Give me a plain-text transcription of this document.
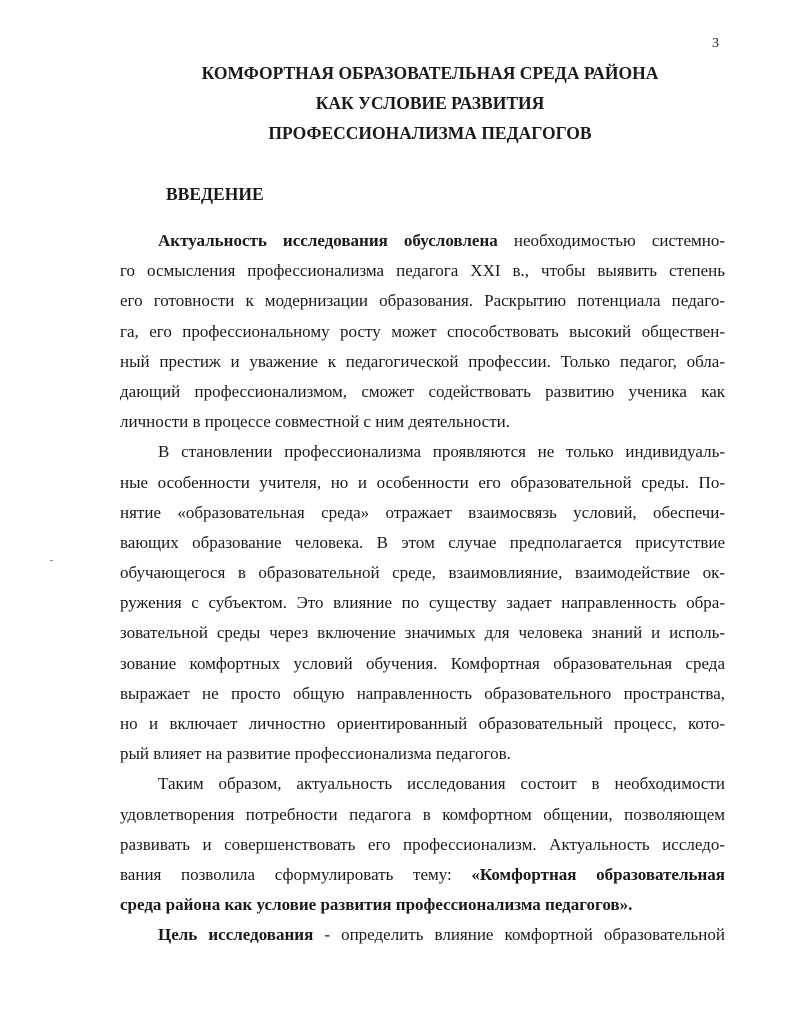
3
КОМФОРТНАЯ ОБРАЗОВАТЕЛЬНАЯ СРЕДА РАЙОНА
КАК УСЛОВИЕ РАЗВИТИЯ
ПРОФЕССИОНАЛИЗМА ПЕДАГОГОВ
ВВЕДЕНИЕ
Актуальность исследования обусловлена необходимостью системно-
го осмысления профессионализма педагога XXI в., чтобы выявить степень
его готовности к модернизации образования. Раскрытию потенциала педаго-
га, его профессиональному росту может способствовать высокий обществен-
ный престиж и уважение к педагогической профессии. Только педагог, обла-
дающий профессионализмом, сможет содействовать развитию ученика как
личности в процессе совместной с ним деятельности.
В становлении профессионализма проявляются не только индивидуаль-
ные особенности учителя, но и особенности его образовательной среды. По-
нятие «образовательная среда» отражает взаимосвязь условий, обеспечи-
вающих образование человека. В этом случае предполагается присутствие
обучающегося в образовательной среде, взаимовлияние, взаимодействие ок-
ружения с субъектом. Это влияние по существу задает направленность обра-
зовательной среды через включение значимых для человека знаний и исполь-
зование комфортных условий обучения. Комфортная образовательная среда
выражает не просто общую направленность образовательного пространства,
но и включает личностно ориентированный образовательный процесс, кото-
рый влияет на развитие профессионализма педагогов.
Таким образом, актуальность исследования состоит в необходимости
удовлетворения потребности педагога в комфортном общении, позволяющем
развивать и совершенствовать его профессионализм. Актуальность исследо-
вания позволила сформулировать тему: «Комфортная образовательная
среда района как условие развития профессионализма педагогов».
Цель исследования - определить влияние комфортной образовательной
